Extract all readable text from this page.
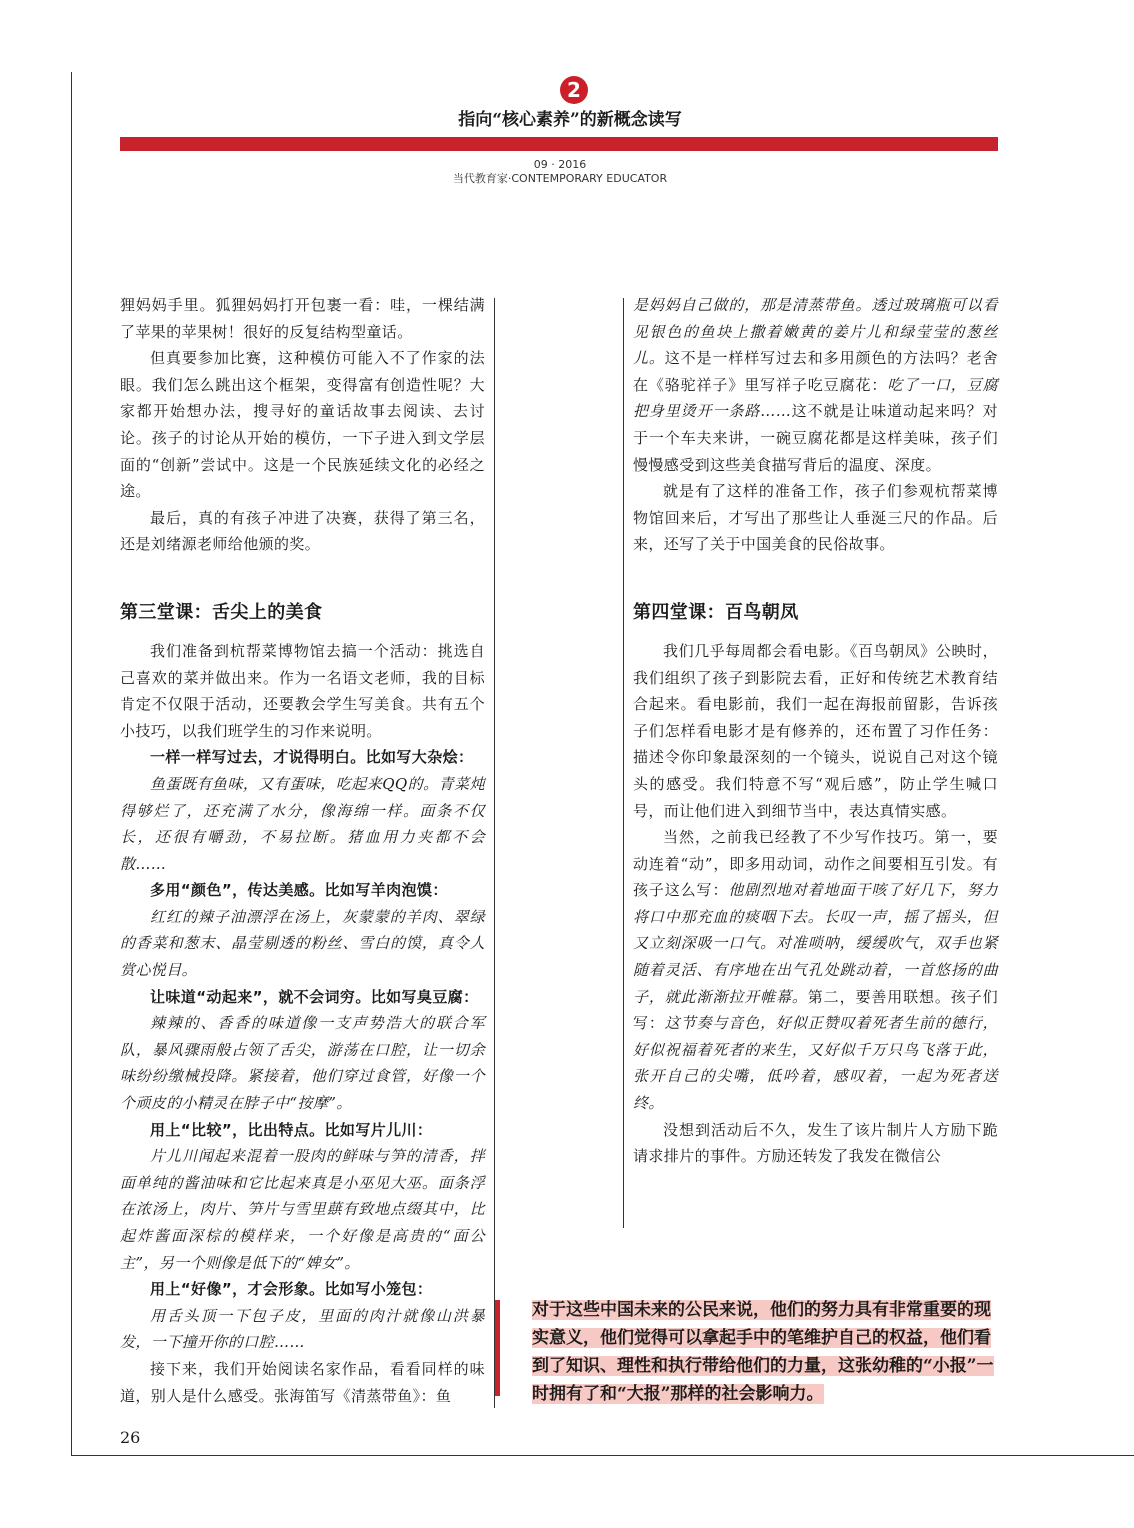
2
指向“核心素养”的新概念读写
09 · 2016
当代教育家·CONTEMPORARY EDUCATOR

狸妈妈手里。狐狸妈妈打开包裹一看：哇，一棵结满了苹果的苹果树！很好的反复结构型童话。

但真要参加比赛，这种模仿可能入不了作家的法眼。我们怎么跳出这个框架，变得富有创造性呢？大家都开始想办法，搜寻好的童话故事去阅读、去讨论。孩子的讨论从开始的模仿，一下子进入到文学层面的“创新”尝试中。这是一个民族延续文化的必经之途。

最后，真的有孩子冲进了决赛，获得了第三名，还是刘绪源老师给他颁的奖。

第三堂课：舌尖上的美食

我们准备到杭帮菜博物馆去搞一个活动：挑选自己喜欢的菜并做出来。作为一名语文老师，我的目标肯定不仅限于活动，还要教会学生写美食。共有五个小技巧，以我们班学生的习作来说明。

一样一样写过去，才说得明白。比如写大杂烩：

鱼蛋既有鱼味，又有蛋味，吃起来QQ的。青菜炖得够烂了，还充满了水分，像海绵一样。面条不仅长，还很有嚼劲，不易拉断。猪血用力夹都不会散……

多用“颜色”，传达美感。比如写羊肉泡馍：

红红的辣子油漂浮在汤上，灰蒙蒙的羊肉、翠绿的香菜和葱末、晶莹剔透的粉丝、雪白的馍，真令人赏心悦目。

让味道“动起来”，就不会词穷。比如写臭豆腐：

辣辣的、香香的味道像一支声势浩大的联合军队，暴风骤雨般占领了舌尖，游荡在口腔，让一切余味纷纷缴械投降。紧接着，他们穿过食管，好像一个个顽皮的小精灵在脖子中“按摩”。

用上“比较”，比出特点。比如写片儿川：

片儿川闻起来混着一股肉的鲜味与笋的清香，拌面单纯的酱油味和它比起来真是小巫见大巫。面条浮在浓汤上，肉片、笋片与雪里蕻有致地点缀其中，比起炸酱面深棕的模样来，一个好像是高贵的“面公主”，另一个则像是低下的“婢女”。

用上“好像”，才会形象。比如写小笼包：

用舌头顶一下包子皮，里面的肉汁就像山洪暴发，一下撞开你的口腔……

接下来，我们开始阅读名家作品，看看同样的味道，别人是什么感受。张海笛写《清蒸带鱼》：鱼

是妈妈自己做的，那是清蒸带鱼。透过玻璃瓶可以看见银色的鱼块上撒着嫩黄的姜片儿和绿莹莹的葱丝儿。这不是一样样写过去和多用颜色的方法吗？老舍在《骆驼祥子》里写祥子吃豆腐花：吃了一口，豆腐把身里烫开一条路……这不就是让味道动起来吗？对于一个车夫来讲，一碗豆腐花都是这样美味，孩子们慢慢感受到这些美食描写背后的温度、深度。

就是有了这样的准备工作，孩子们参观杭帮菜博物馆回来后，才写出了那些让人垂涎三尺的作品。后来，还写了关于中国美食的民俗故事。

第四堂课：百鸟朝凤

我们几乎每周都会看电影。《百鸟朝凤》公映时，我们组织了孩子到影院去看，正好和传统艺术教育结合起来。看电影前，我们一起在海报前留影，告诉孩子们怎样看电影才是有修养的，还布置了习作任务：描述令你印象最深刻的一个镜头，说说自己对这个镜头的感受。我们特意不写“观后感”，防止学生喊口号，而让他们进入到细节当中，表达真情实感。

当然，之前我已经教了不少写作技巧。第一，要动连着“动”，即多用动词，动作之间要相互引发。有孩子这么写：他剧烈地对着地面干咳了好几下，努力将口中那充血的痰咽下去。长叹一声，摇了摇头，但又立刻深吸一口气。对准唢呐，缓缓吹气，双手也紧随着灵活、有序地在出气孔处跳动着，一首悠扬的曲子，就此渐渐拉开帷幕。第二，要善用联想。孩子们写：这节奏与音色，好似正赞叹着死者生前的德行，好似祝福着死者的来生，又好似千万只鸟飞落于此，张开自己的尖嘴，低吟着，感叹着，一起为死者送终。

没想到活动后不久，发生了该片制片人方励下跪请求排片的事件。方励还转发了我发在微信公

对于这些中国未来的公民来说，他们的努力具有非常重要的现实意义，他们觉得可以拿起手中的笔维护自己的权益，他们看到了知识、理性和执行带给他们的力量，这张幼稚的“小报”一时拥有了和“大报”那样的社会影响力。
26
